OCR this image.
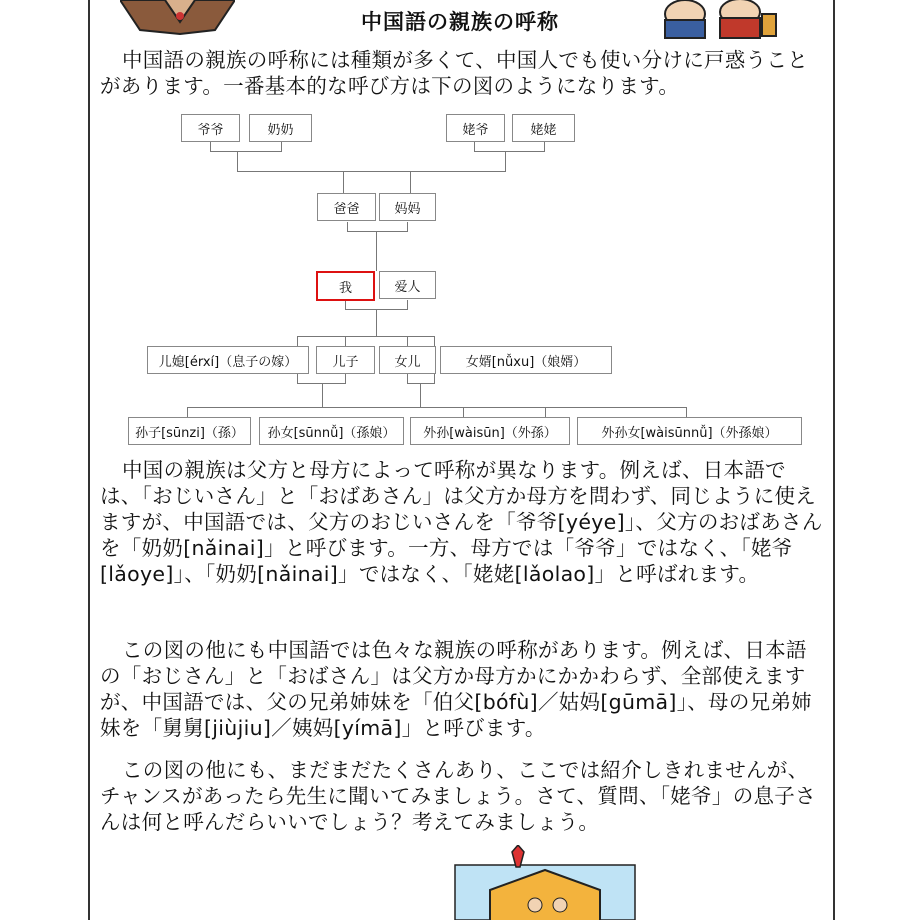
中国語の親族の呼称

中国語の親族の呼称には種類が多くて、中国人でも使い分けに戸惑うことがあります。一番基本的な呼び方は下の図のようになります。

爷爷	奶奶	姥爷	姥姥
爸爸	妈妈
我	爱人
儿媳[érxí]（息子の嫁）	儿子	女儿	女婿[nǚxu]（娘婿）
孙子[sūnzi]（孫）	孙女[sūnnǚ]（孫娘）	外孙[wàisūn]（外孫）	外孙女[wàisūnnǚ]（外孫娘）

中国の親族は父方と母方によって呼称が異なります。例えば、日本語では、「おじいさん」と「おばあさん」は父方か母方を問わず、同じように使えますが、中国語では、父方のおじいさんを「爷爷[yéye]」、父方のおばあさんを「奶奶[nǎinai]」と呼びます。一方、母方では「爷爷」ではなく、「姥爷[lǎoye]」、「奶奶[nǎinai]」ではなく、「姥姥[lǎolao]」と呼ばれます。

この図の他にも中国語では色々な親族の呼称があります。例えば、日本語の「おじさん」と「おばさん」は父方か母方かにかかわらず、全部使えますが、中国語では、父の兄弟姉妹を「伯父[bófù]／姑妈[gūmā]」、母の兄弟姉妹を「舅舅[jiùjiu]／姨妈[yímā]」と呼びます。

この図の他にも、まだまだたくさんあり、ここでは紹介しきれませんが、チャンスがあったら先生に聞いてみましょう。さて、質問、「姥爷」の息子さんは何と呼んだらいいでしょう？考えてみましょう。
